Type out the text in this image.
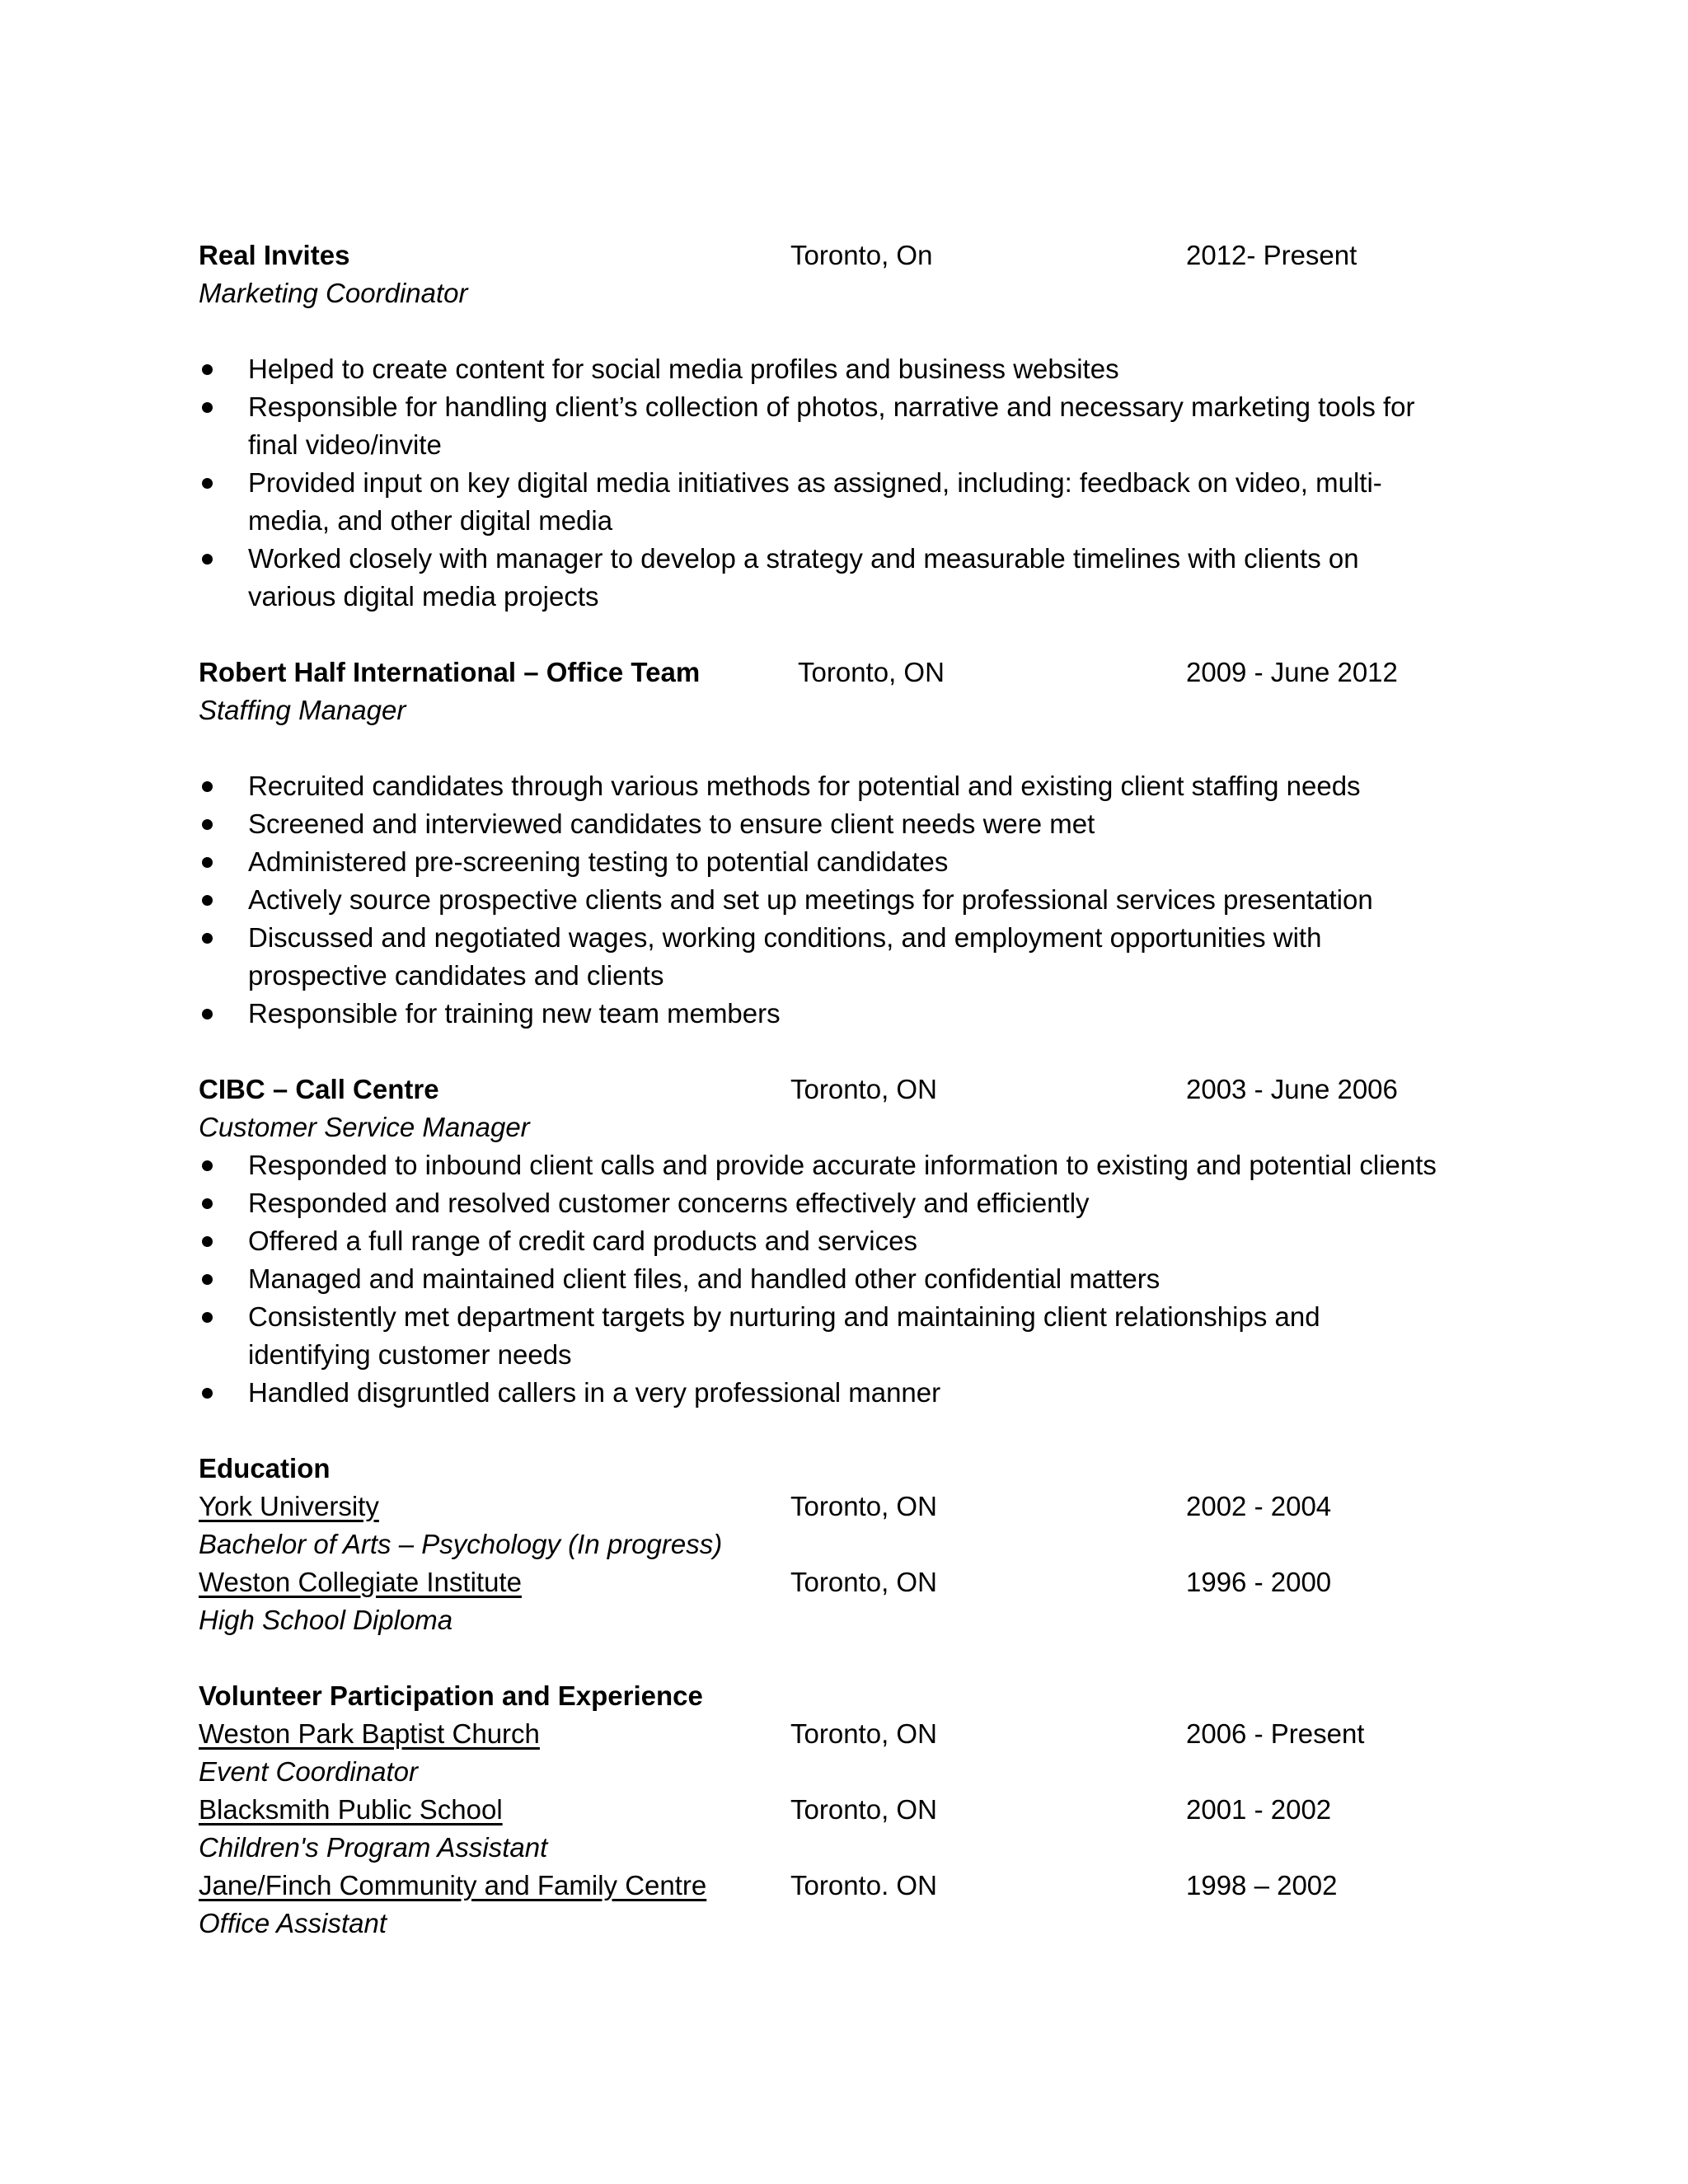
Real Invites	Toronto, On	2012- Present
Marketing Coordinator
Helped to create content for social media profiles and business websites
Responsible for handling client’s collection of photos, narrative and necessary marketing tools for
final video/invite
Provided input on key digital media initiatives as assigned, including: feedback on video, multi-
media, and other digital media
Worked closely with manager to develop a strategy and measurable timelines with clients on
various digital media projects
Robert Half International – Office Team	Toronto, ON	2009 - June 2012
Staffing Manager
Recruited candidates through various methods for potential and existing client staffing needs
Screened and interviewed candidates to ensure client needs were met
Administered pre-screening testing to potential candidates
Actively source prospective clients and set up meetings for professional services presentation
Discussed and negotiated wages, working conditions, and employment opportunities with
prospective candidates and clients
Responsible for training new team members
CIBC – Call Centre	Toronto, ON	2003 - June 2006
Customer Service Manager
Responded to inbound client calls and provide accurate information to existing and potential clients
Responded and resolved customer concerns effectively and efficiently
Offered a full range of credit card products and services
Managed and maintained client files, and handled other confidential matters
Consistently met department targets by nurturing and maintaining client relationships and
identifying customer needs
Handled disgruntled callers in a very professional manner
Education
York University	Toronto, ON	2002 - 2004
Bachelor of Arts – Psychology (In progress)
Weston Collegiate Institute	Toronto, ON	1996 - 2000
High School Diploma
Volunteer Participation and Experience
Weston Park Baptist Church	Toronto, ON	2006 - Present
Event Coordinator
Blacksmith Public School	Toronto, ON	2001 - 2002
Children's Program Assistant
Jane/Finch Community and Family Centre	Toronto. ON	1998 – 2002
Office Assistant
